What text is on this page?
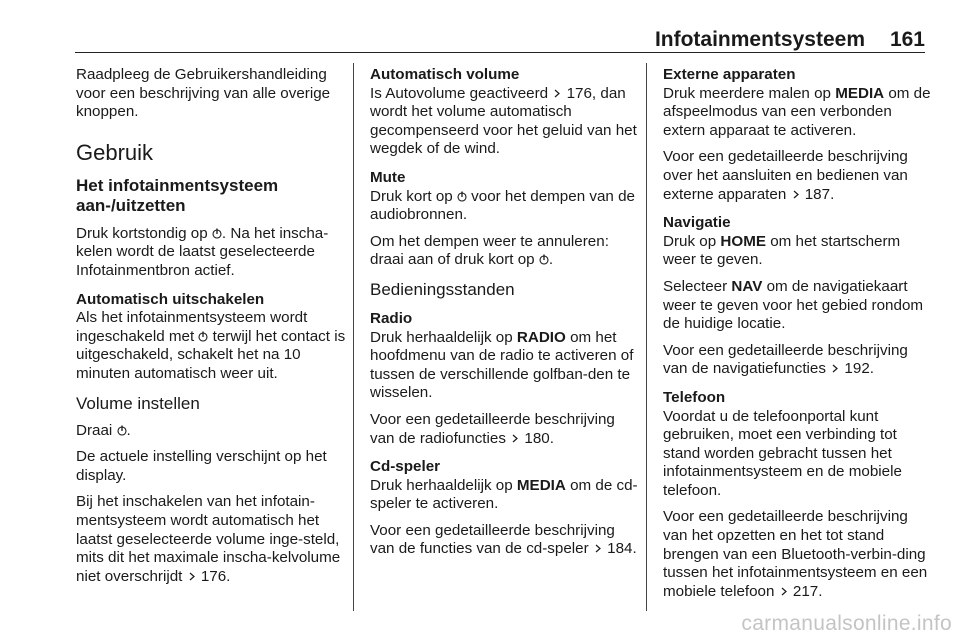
Infotainmentsysteem 161

Raadpleeg de Gebruikershandleiding voor een beschrijving van alle overige knoppen.

Gebruik
Het infotainmentsysteem aan-/uitzetten

Druk kortstondig op . Na het inscha-kelen wordt de laatst geselecteerde Infotainmentbron actief.

Automatisch uitschakelen

Als het infotainmentsysteem wordt ingeschakeld met  terwijl het contact is uitgeschakeld, schakelt het na 10 minuten automatisch weer uit.

Volume instellen

Draai .

De actuele instelling verschijnt op het display.

Bij het inschakelen van het infotain-mentsysteem wordt automatisch het laatst geselecteerde volume inge-steld, mits dit het maximale inscha-kelvolume niet overschrijdt  176.

Automatisch volume

Is Autovolume geactiveerd  176, dan wordt het volume automatisch gecompenseerd voor het geluid van het wegdek of de wind.

Mute

Druk kort op  voor het dempen van de audiobronnen.

Om het dempen weer te annuleren: draai aan of druk kort op .

Bedieningsstanden
Radio

Druk herhaaldelijk op RADIO om het hoofdmenu van de radio te activeren of tussen de verschillende golfban-den te wisselen.

Voor een gedetailleerde beschrijving van de radiofuncties  180.

Cd-speler

Druk herhaaldelijk op MEDIA om de cd-speler te activeren.

Voor een gedetailleerde beschrijving van de functies van de cd-speler  184.

Externe apparaten

Druk meerdere malen op MEDIA om de afspeelmodus van een verbonden extern apparaat te activeren.

Voor een gedetailleerde beschrijving over het aansluiten en bedienen van externe apparaten  187.

Navigatie

Druk op HOME om het startscherm weer te geven.

Selecteer NAV om de navigatiekaart weer te geven voor het gebied rondom de huidige locatie.

Voor een gedetailleerde beschrijving van de navigatiefuncties  192.

Telefoon

Voordat u de telefoonportal kunt gebruiken, moet een verbinding tot stand worden gebracht tussen het infotainmentsysteem en de mobiele telefoon.

Voor een gedetailleerde beschrijving van het opzetten en het tot stand brengen van een Bluetooth-verbin-ding tussen het infotainmentsysteem en een mobiele telefoon  217.

carmanualsonline.info
